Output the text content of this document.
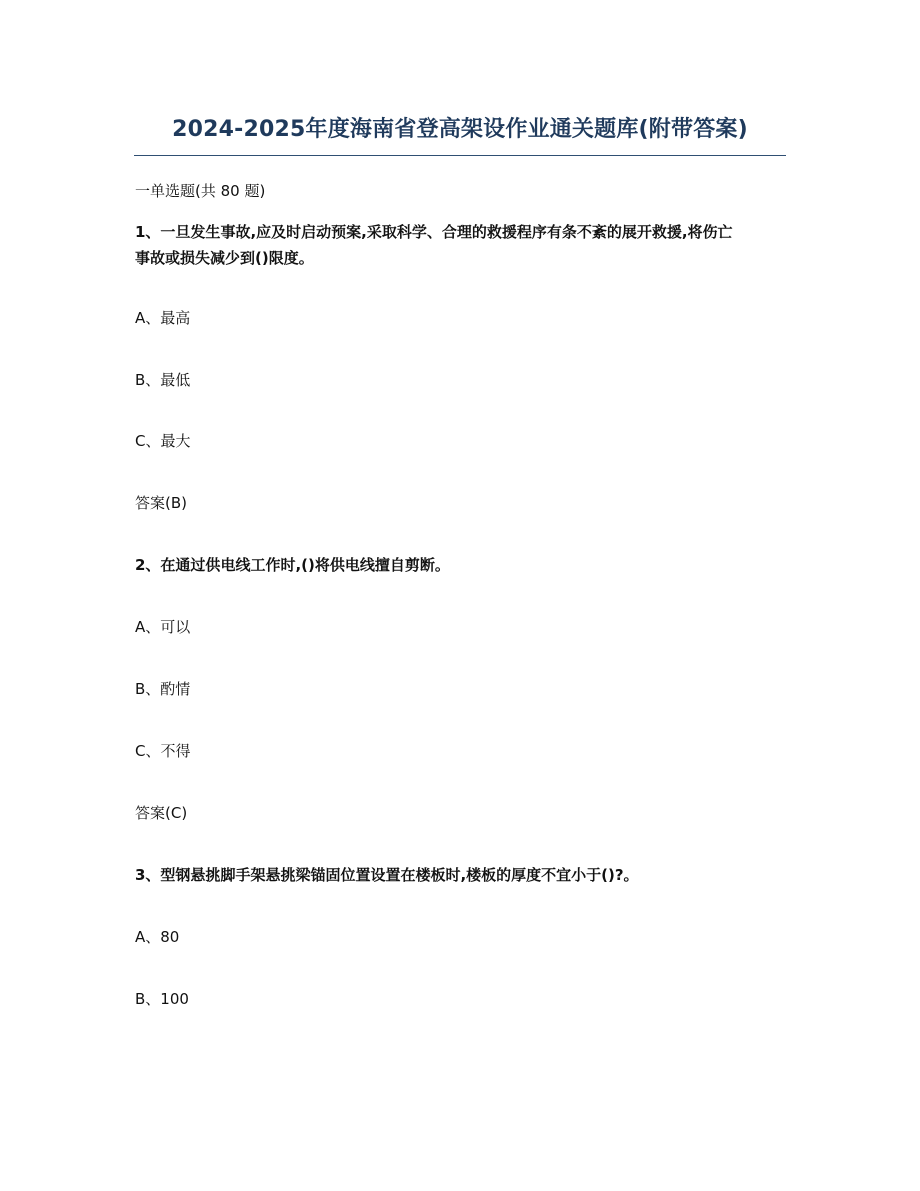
2024-2025年度海南省登高架设作业通关题库(附带答案)
一单选题(共 80 题)
1、一旦发生事故,应及时启动预案,采取科学、合理的救援程序有条不紊的展开救援,将伤亡
事故或损失减少到()限度。
A、最高
B、最低
C、最大
答案(B)
2、在通过供电线工作时,()将供电线擅自剪断。
A、可以
B、酌情
C、不得
答案(C)
3、型钢悬挑脚手架悬挑梁锚固位置设置在楼板时,楼板的厚度不宜小于()?。
A、80
B、100
